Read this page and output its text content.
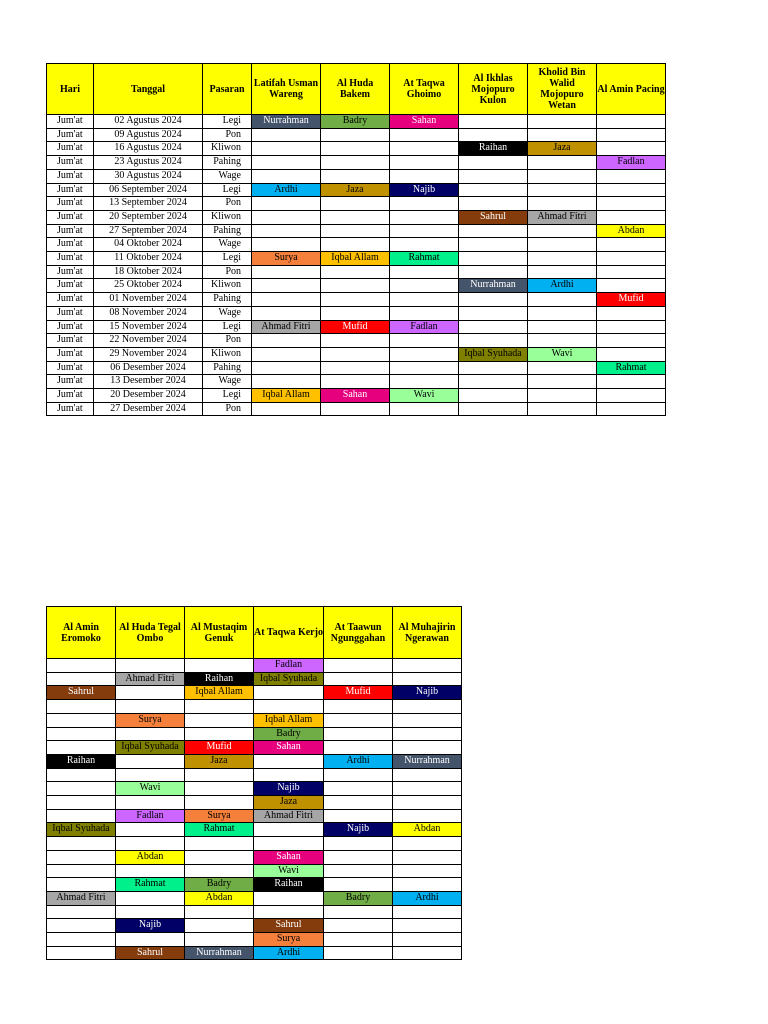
Hari	Tanggal	Pasaran	Latifah Usman Wareng	Al Huda Bakem	At Taqwa Ghoimo	Al Ikhlas Mojopuro Kulon	Kholid Bin Walid Mojopuro Wetan	Al Amin Pacing
Jum'at	02 Agustus 2024	Legi	Nurrahman	Badry	Sahan			
Jum'at	09 Agustus 2024	Pon						
Jum'at	16 Agustus 2024	Kliwon				Raihan	Jaza	
Jum'at	23 Agustus 2024	Pahing						Fadlan
Jum'at	30 Agustus 2024	Wage						
Jum'at	06 September 2024	Legi	Ardhi	Jaza	Najib			
Jum'at	13 September 2024	Pon						
Jum'at	20 September 2024	Kliwon				Sahrul	Ahmad Fitri	
Jum'at	27 September 2024	Pahing						Abdan
Jum'at	04 Oktober 2024	Wage						
Jum'at	11 Oktober 2024	Legi	Surya	Iqbal Allam	Rahmat			
Jum'at	18 Oktober 2024	Pon						
Jum'at	25 Oktober 2024	Kliwon				Nurrahman	Ardhi	
Jum'at	01 November 2024	Pahing						Mufid
Jum'at	08 November 2024	Wage						
Jum'at	15 November 2024	Legi	Ahmad Fitri	Mufid	Fadlan			
Jum'at	22 November 2024	Pon						
Jum'at	29 November 2024	Kliwon				Iqbal Syuhada	Wavi	
Jum'at	06 Desember 2024	Pahing						Rahmat
Jum'at	13 Desember 2024	Wage						
Jum'at	20 Desember 2024	Legi	Iqbal Allam	Sahan	Wavi			
Jum'at	27 Desember 2024	Pon						
Al Amin Eromoko	Al Huda Tegal Ombo	Al Mustaqim Genuk	At Taqwa Kerjo	At Taawun Ngunggahan	Al Muhajirin Ngerawan
			Fadlan		
	Ahmad Fitri	Raihan	Iqbal Syuhada		
Sahrul		Iqbal Allam		Mufid	Najib

	Surya		Iqbal Allam		
			Badry		
	Iqbal Syuhada	Mufid	Sahan		
Raihan		Jaza		Ardhi	Nurrahman

	Wavi		Najib		
			Jaza		
	Fadlan	Surya	Ahmad Fitri		
Iqbal Syuhada		Rahmat		Najib	Abdan

	Abdan		Sahan		
			Wavi		
	Rahmat	Badry	Raihan		
Ahmad Fitri		Abdan		Badry	Ardhi

	Najib		Sahrul		
			Surya		
	Sahrul	Nurrahman	Ardhi		
